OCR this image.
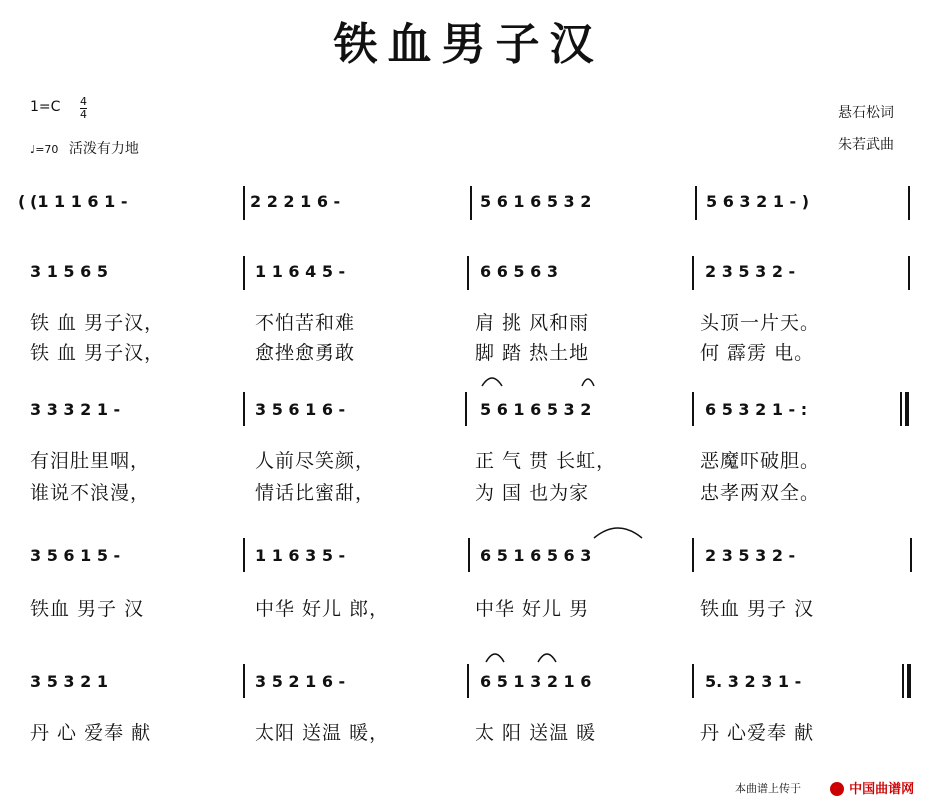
铁血男子汉
1=C 4
4
♩=70 活泼有力地
悬石松词
朱若武曲
( (1 1 1 6 1 -	2 2 2 1 6 -	5 6 1 6 5 3 2	5 6 3 2 1 - )
3 1 5 6 5	1 1 6 4 5 -	6 6 5 6 3	2 3 5 3 2 -
铁 血 男子汉，	不怕苦和难	肩 挑 风和雨	头顶一片天。
铁 血 男子汉，	愈挫愈勇敢	脚 踏 热土地	何 霹雳 电。
3 3 3 2 1 -	3 5 6 1 6 -	5 6 1 6 5 3 2	6 5 3 2 1 - :
有泪肚里咽，	人前尽笑颜，	正 气 贯 长虹，	恶魔吓破胆。
谁说不浪漫，	情话比蜜甜，	为 国 也为家	忠孝两双全。
3 5 6 1 5 -	1 1 6 3 5 -	6 5 1 6 5 6 3	2 3 5 3 2 -
铁血 男子 汉	中华 好儿 郎，	中华 好儿 男	铁血 男子 汉
3 5 3 2 1	3 5 2 1 6 -	6 5 1 3 2 1 6	5. 3 2 3 1 -
丹 心 爱奉 献	太阳 送温 暖，	太 阳 送温 暖	丹 心爱奉 献
本曲谱上传于	中国曲谱网
